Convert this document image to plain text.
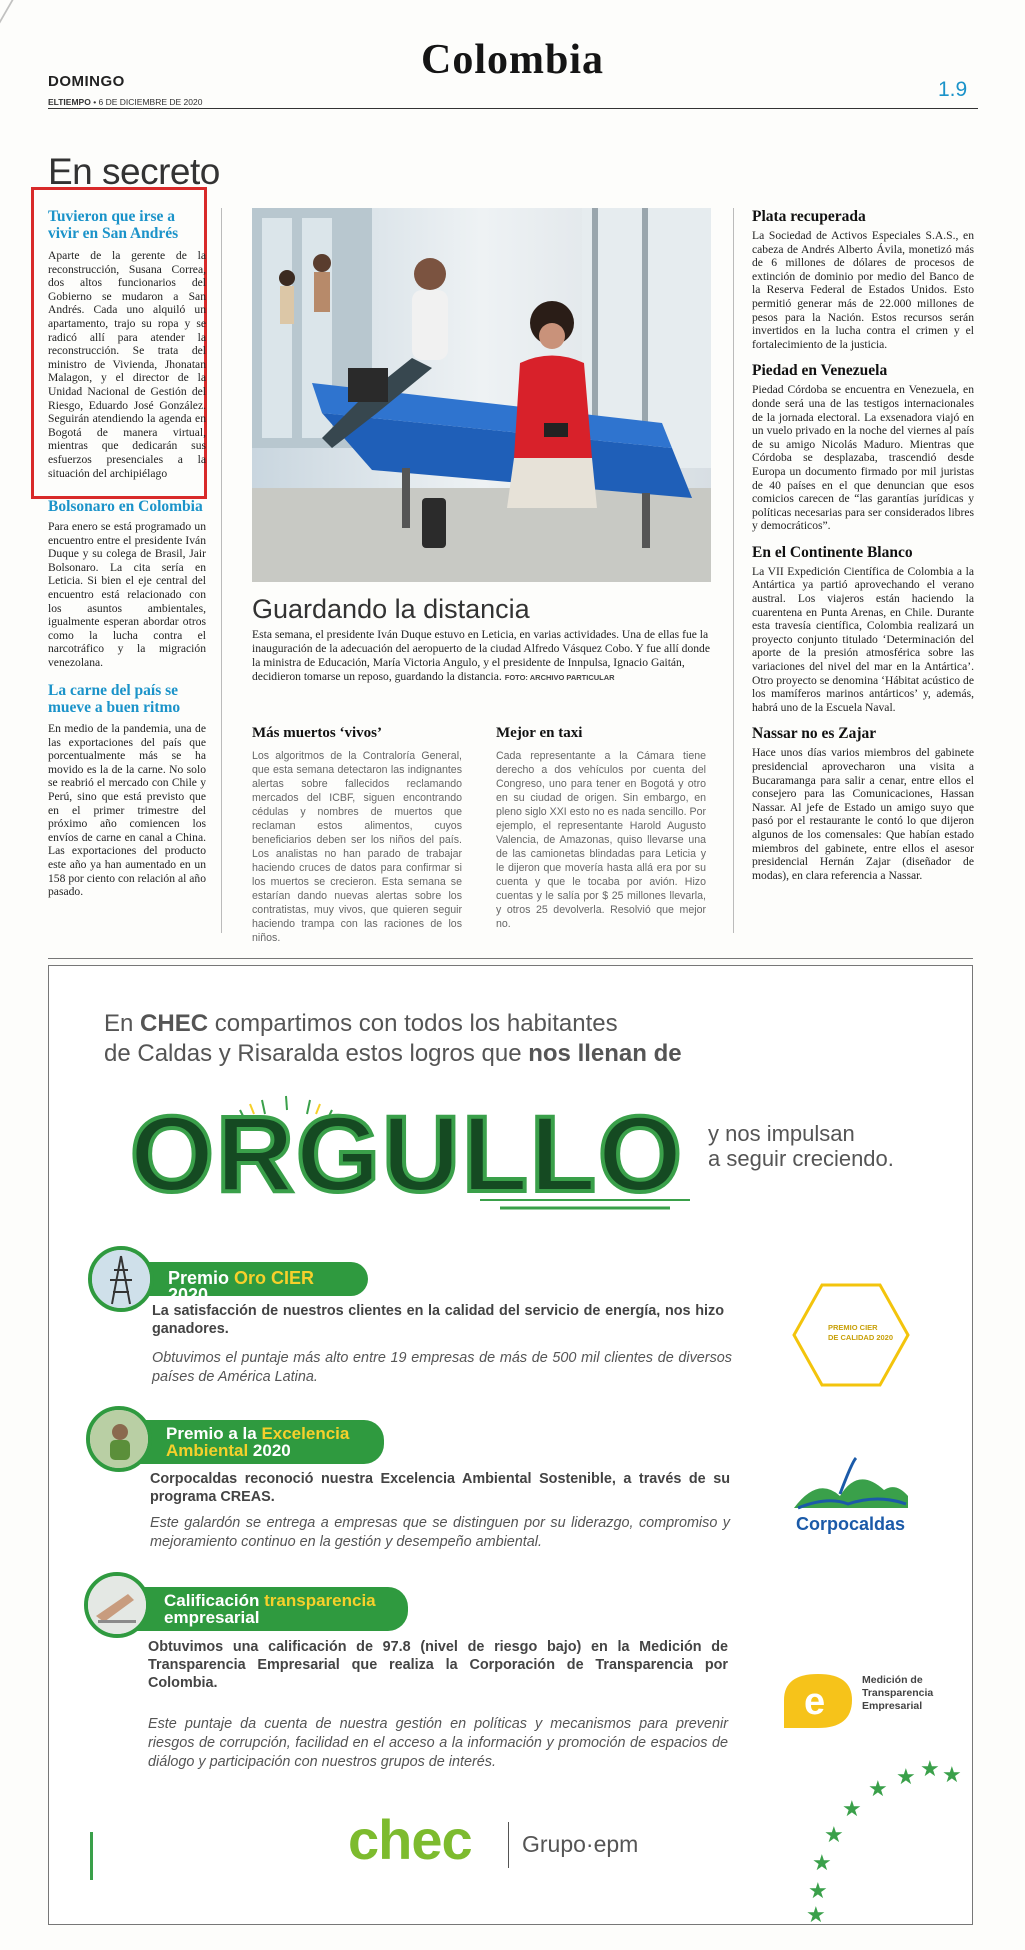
DOMINGO
ELTIEMPO • 6 DE DICIEMBRE DE 2020
Colombia
1.9
En secreto
Tuvieron que irse a vivir en San Andrés
Aparte de la gerente de la reconstrucción, Susana Correa, dos altos funcionarios del Gobierno se mudaron a San Andrés. Cada uno alquiló un apartamento, trajo su ropa y se radicó allí para atender la reconstrucción. Se trata del ministro de Vivienda, Jhonatan Malagon, y el director de la Unidad Nacional de Gestión del Riesgo, Eduardo José González. Seguirán atendiendo la agenda en Bogotá de manera virtual, mientras que dedicarán sus esfuerzos presenciales a la situación del archipiélago
Bolsonaro en Colombia
Para enero se está programado un encuentro entre el presidente Iván Duque y su colega de Brasil, Jair Bolsonaro. La cita sería en Leticia. Si bien el eje central del encuentro está relacionado con los asuntos ambientales, igualmente esperan abordar otros como la lucha contra el narcotráfico y la migración venezolana.
La carne del país se mueve a buen ritmo
En medio de la pandemia, una de las exportaciones del país que porcentualmente más se ha movido es la de la carne. No solo se reabrió el mercado con Chile y Perú, sino que está previsto que en el primer trimestre del próximo año comiencen los envíos de carne en canal a China. Las exportaciones del producto este año ya han aumentado en un 158 por ciento con relación al año pasado.
Guardando la distancia
Esta semana, el presidente Iván Duque estuvo en Leticia, en varias actividades. Una de ellas fue la inauguración de la adecuación del aeropuerto de la ciudad Alfredo Vásquez Cobo. Y fue allí donde la ministra de Educación, María Victoria Angulo, y el presidente de Innpulsa, Ignacio Gaitán, decidieron tomarse un reposo, guardando la distancia. FOTO: ARCHIVO PARTICULAR
Más muertos ‘vivos’
Los algoritmos de la Contraloría General, que esta semana detectaron las indignantes alertas sobre fallecidos reclamando mercados del ICBF, siguen encontrando cédulas y nombres de muertos que reclaman estos alimentos, cuyos beneficiarios deben ser los niños del país. Los analistas no han parado de trabajar haciendo cruces de datos para confirmar si los muertos se crecieron. Esta semana se estarían dando nuevas alertas sobre los contratistas, muy vivos, que quieren seguir haciendo trampa con las raciones de los niños.
Mejor en taxi
Cada representante a la Cámara tiene derecho a dos vehículos por cuenta del Congreso, uno para tener en Bogotá y otro en su ciudad de origen. Sin embargo, en pleno siglo XXI esto no es nada sencillo. Por ejemplo, el representante Harold Augusto Valencia, de Amazonas, quiso llevarse una de las camionetas blindadas para Leticia y le dijeron que movería hasta allá era por su cuenta y que le tocaba por avión. Hizo cuentas y le salía por $ 25 millones llevarla, y otros 25 devolverla. Resolvió que mejor no.
Plata recuperada
La Sociedad de Activos Especiales S.A.S., en cabeza de Andrés Alberto Ávila, monetizó más de 6 millones de dólares de procesos de extinción de dominio por medio del Banco de la Reserva Federal de Estados Unidos. Esto permitió generar más de 22.000 millones de pesos para la Nación. Estos recursos serán invertidos en la lucha contra el crimen y el fortalecimiento de la justicia.
Piedad en Venezuela
Piedad Córdoba se encuentra en Venezuela, en donde será una de las testigos internacionales de la jornada electoral. La exsenadora viajó en un vuelo privado en la noche del viernes al país de su amigo Nicolás Maduro. Mientras que Córdoba se desplazaba, trascendió desde Europa un documento firmado por mil juristas de 40 países en el que denuncian que esos comicios carecen de “las garantías jurídicas y políticas necesarias para ser considerados libres y democráticos”.
En el Continente Blanco
La VII Expedición Científica de Colombia a la Antártica ya partió aprovechando el verano austral. Los viajeros están haciendo la cuarentena en Punta Arenas, en Chile. Durante esta travesía científica, Colombia realizará un proyecto conjunto titulado ‘Determinación del aporte de la presión atmosférica sobre las variaciones del nivel del mar en la Antártica’. Otro proyecto se denomina ‘Hábitat acústico de los mamíferos marinos antárticos’ y, además, habrá uno de la Escuela Naval.
Nassar no es Zajar
Hace unos días varios miembros del gabinete presidencial aprovecharon una visita a Bucaramanga para salir a cenar, entre ellos el consejero para las Comunicaciones, Hassan Nassar. Al jefe de Estado un amigo suyo que pasó por el restaurante le contó lo que dijeron algunos de los comensales: Que habían estado miembros del gabinete, entre ellos el asesor presidencial Hernán Zajar (diseñador de modas), en clara referencia a Nassar.
En CHEC compartimos con todos los habitantes
de Caldas y Risaralda estos logros que nos llenan de
ORGULLO y nos impulsan
a seguir creciendo.
Premio Oro CIER 2020
La satisfacción de nuestros clientes en la calidad del servicio de energía, nos hizo ganadores.
Obtuvimos el puntaje más alto entre 19 empresas de más de 500 mil clientes de diversos países de América Latina.
PREMIO CIER
DE CALIDAD 2020
Premio a la Excelencia
Ambiental 2020
Corpocaldas reconoció nuestra Excelencia Ambiental Sostenible, a través de su programa CREAS.
Este galardón se entrega a empresas que se distinguen por su liderazgo, compromiso y mejoramiento continuo en la gestión y desempeño ambiental.
Corpocaldas
Calificación transparencia
empresarial
Obtuvimos una calificación de 97.8 (nivel de riesgo bajo) en la Medición de Transparencia Empresarial que realiza la Corporación de Transparencia por Colombia.
Este puntaje da cuenta de nuestra gestión en políticas y mecanismos para prevenir riesgos de corrupción, facilidad en el acceso a la información y promoción de espacios de diálogo y participación con nuestros grupos de interés.
e
Medición de Transparencia Empresarial
★ ★ ★
★
★
★
★
★
★
chec Grupo·epm
